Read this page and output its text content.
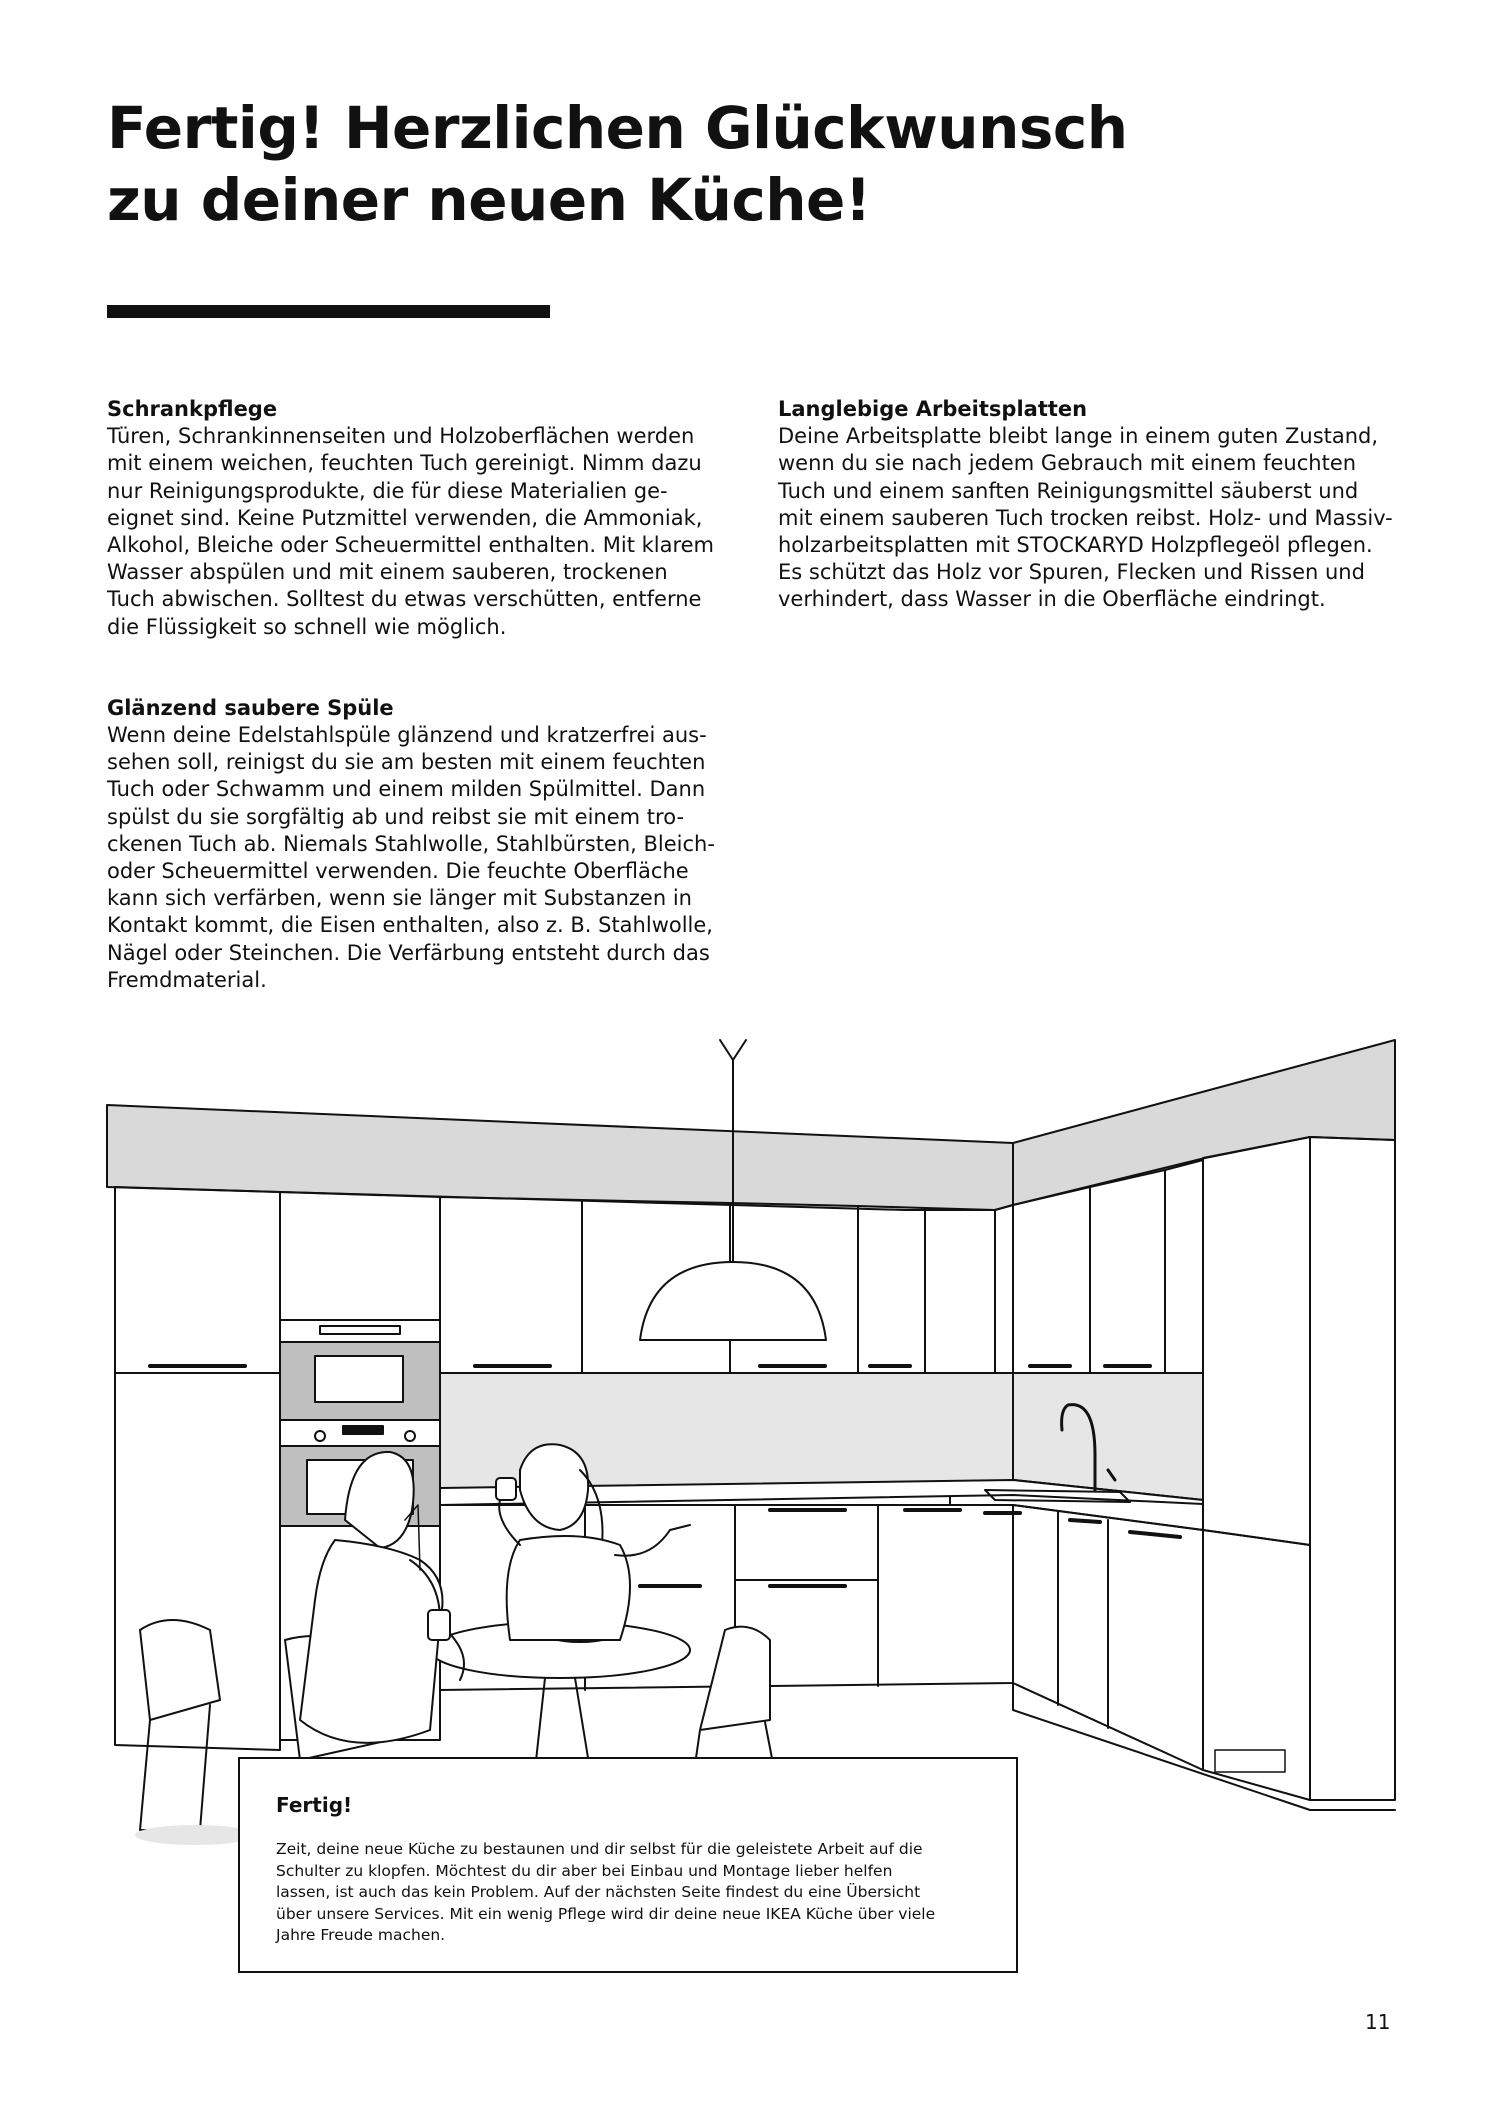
Fertig! Herzlichen Glückwunsch
zu deiner neuen Küche!
Schrankpflege

Türen, Schrankinnenseiten und Holzoberflächen werden
mit einem weichen, feuchten Tuch gereinigt. Nimm dazu
nur Reinigungsprodukte, die für diese Materialien ge-
eignet sind. Keine Putzmittel verwenden, die Ammoniak,
Alkohol, Bleiche oder Scheuermittel enthalten. Mit klarem
Wasser abspülen und mit einem sauberen, trockenen
Tuch abwischen. Solltest du etwas verschütten, entferne
die Flüssigkeit so schnell wie möglich.

Glänzend saubere Spüle

Wenn deine Edelstahlspüle glänzend und kratzerfrei aus-
sehen soll, reinigst du sie am besten mit einem feuchten
Tuch oder Schwamm und einem milden Spülmittel. Dann
spülst du sie sorgfältig ab und reibst sie mit einem tro-
ckenen Tuch ab. Niemals Stahlwolle, Stahlbürsten, Bleich-
oder Scheuermittel verwenden. Die feuchte Oberfläche
kann sich verfärben, wenn sie länger mit Substanzen in
Kontakt kommt, die Eisen enthalten, also z. B. Stahlwolle,
Nägel oder Steinchen. Die Verfärbung entsteht durch das
Fremdmaterial.

Langlebige Arbeitsplatten

Deine Arbeitsplatte bleibt lange in einem guten Zustand,
wenn du sie nach jedem Gebrauch mit einem feuchten
Tuch und einem sanften Reinigungsmittel säuberst und
mit einem sauberen Tuch trocken reibst. Holz- und Massiv-
holzarbeitsplatten mit STOCKARYD Holzpflegeöl pflegen.
Es schützt das Holz vor Spuren, Flecken und Rissen und
verhindert, dass Wasser in die Oberfläche eindringt.

Fertig!

Zeit, deine neue Küche zu bestaunen und dir selbst für die geleistete Arbeit auf die
Schulter zu klopfen. Möchtest du dir aber bei Einbau und Montage lieber helfen
lassen, ist auch das kein Problem. Auf der nächsten Seite findest du eine Übersicht
über unsere Services. Mit ein wenig Pflege wird dir deine neue IKEA Küche über viele
Jahre Freude machen.

11
